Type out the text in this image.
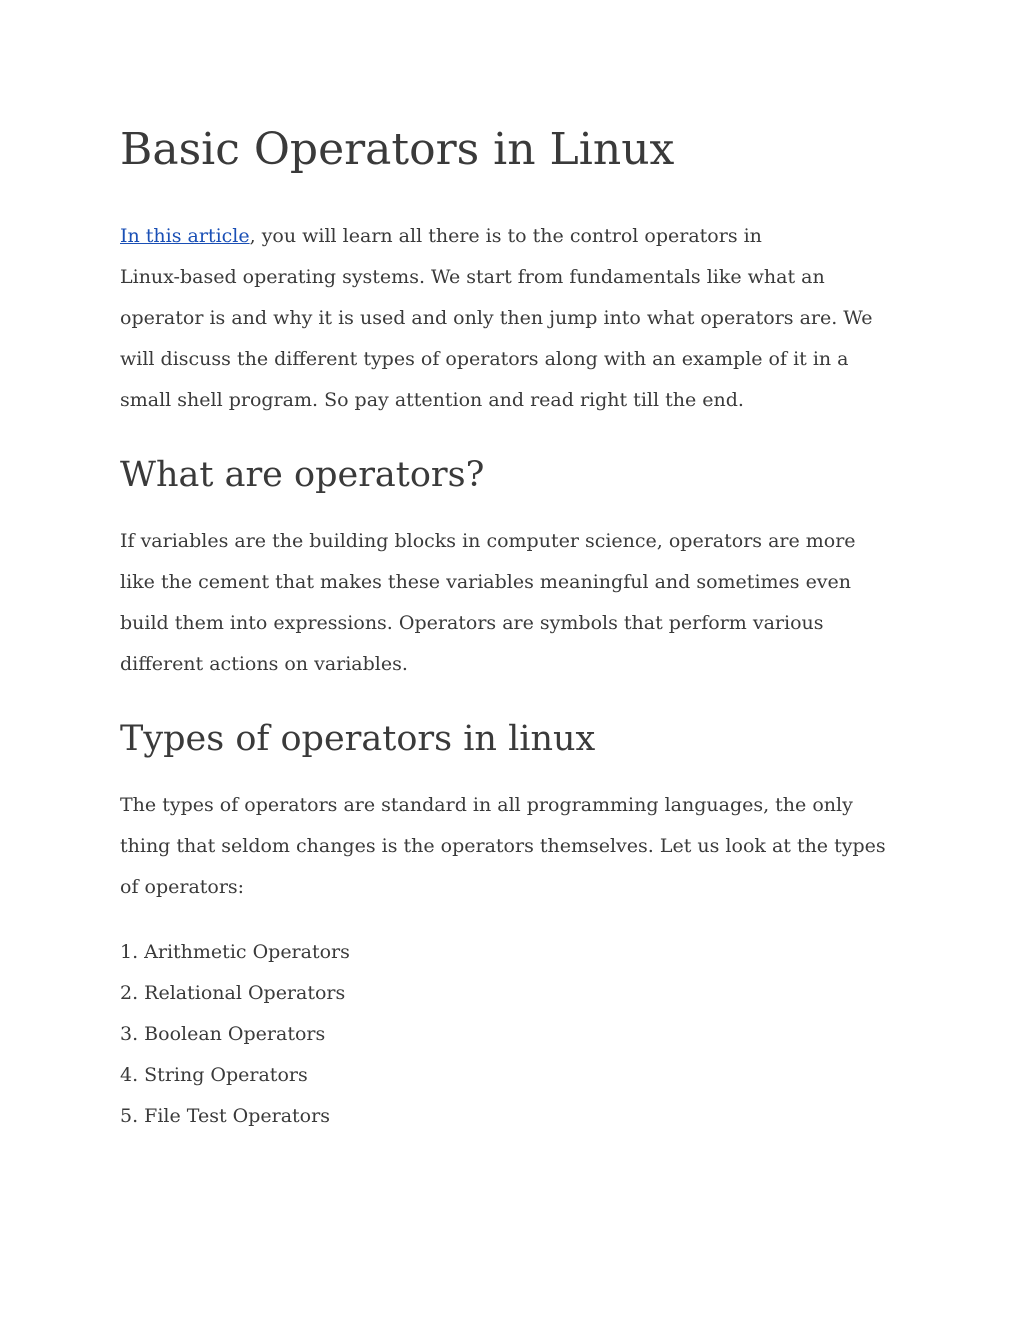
Basic Operators in Linux

In this article, you will learn all there is to the control operators in
Linux-based operating systems. We start from fundamentals like what an
operator is and why it is used and only then jump into what operators are. We
will discuss the different types of operators along with an example of it in a
small shell program. So pay attention and read right till the end.

What are operators?

If variables are the building blocks in computer science, operators are more
like the cement that makes these variables meaningful and sometimes even
build them into expressions. Operators are symbols that perform various
different actions on variables.

Types of operators in linux

The types of operators are standard in all programming languages, the only
thing that seldom changes is the operators themselves. Let us look at the types
of operators:

1. Arithmetic Operators
2. Relational Operators
3. Boolean Operators
4. String Operators
5. File Test Operators
